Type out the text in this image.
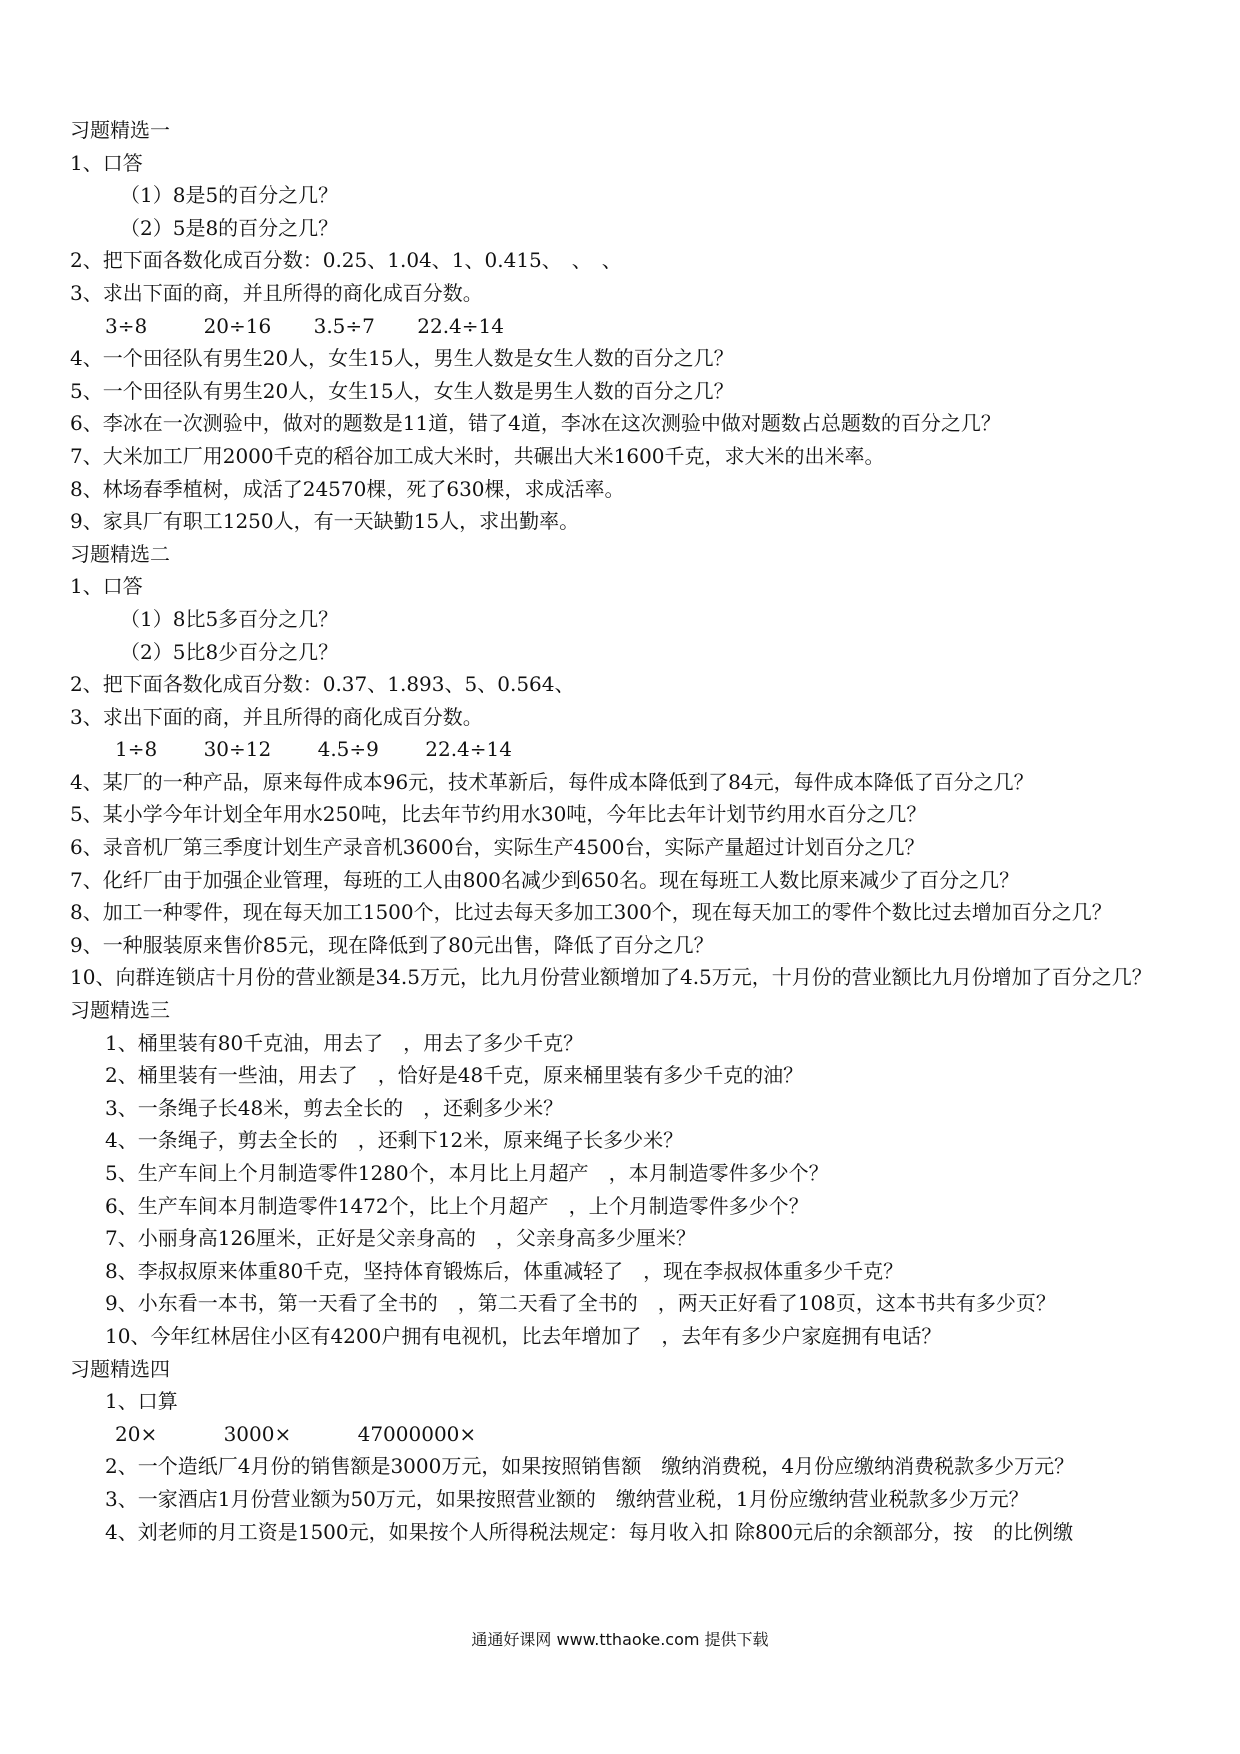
习题精选一
1、口答
（1）8是5的百分之几？
（2）5是8的百分之几？
2、把下面各数化成百分数：0.25、1.04、1、0.415、　、　、
3、求出下面的商，并且所得的商化成百分数。
3÷8	20÷16 3.5÷7 22.4÷14
4、一个田径队有男生20人，女生15人，男生人数是女生人数的百分之几？
5、一个田径队有男生20人，女生15人，女生人数是男生人数的百分之几？
6、李冰在一次测验中，做对的题数是11道，错了4道，李冰在这次测验中做对题数占总题数的百分之几？
7、大米加工厂用2000千克的稻谷加工成大米时，共碾出大米1600千克，求大米的出米率。
8、林场春季植树，成活了24570棵，死了630棵，求成活率。
9、家具厂有职工1250人，有一天缺勤15人，求出勤率。
习题精选二
1、口答
（1）8比5多百分之几？
（2）5比8少百分之几？
2、把下面各数化成百分数：0.37、1.893、5、0.564、
3、求出下面的商，并且所得的商化成百分数。
1÷8 30÷12 4.5÷9 22.4÷14
4、某厂的一种产品，原来每件成本96元，技术革新后，每件成本降低到了84元，每件成本降低了百分之几？
5、某小学今年计划全年用水250吨，比去年节约用水30吨，今年比去年计划节约用水百分之几？
6、录音机厂第三季度计划生产录音机3600台，实际生产4500台，实际产量超过计划百分之几？
7、化纤厂由于加强企业管理，每班的工人由800名减少到650名。现在每班工人数比原来减少了百分之几？
8、加工一种零件，现在每天加工1500个，比过去每天多加工300个，现在每天加工的零件个数比过去增加百分之几？
9、一种服装原来售价85元，现在降低到了80元出售，降低了百分之几？
10、向群连锁店十月份的营业额是34.5万元，比九月份营业额增加了4.5万元，十月份的营业额比九月份增加了百分之几？
习题精选三
1、桶里装有80千克油，用去了　，用去了多少千克？
2、桶里装有一些油，用去了　，恰好是48千克，原来桶里装有多少千克的油？
3、一条绳子长48米，剪去全长的　，还剩多少米？
4、一条绳子，剪去全长的　，还剩下12米，原来绳子长多少米？
5、生产车间上个月制造零件1280个，本月比上月超产　，本月制造零件多少个？
6、生产车间本月制造零件1472个，比上个月超产　，上个月制造零件多少个？
7、小丽身高126厘米，正好是父亲身高的　，父亲身高多少厘米？
8、李叔叔原来体重80千克，坚持体育锻炼后，体重减轻了　，现在李叔叔体重多少千克？
9、小东看一本书，第一天看了全书的　，第二天看了全书的　，两天正好看了108页，这本书共有多少页？
10、今年红林居住小区有4200户拥有电视机，比去年增加了　，去年有多少户家庭拥有电话？
习题精选四
1、口算
20×	3000×	47000000×
2、一个造纸厂4月份的销售额是3000万元，如果按照销售额　缴纳消费税，4月份应缴纳消费税款多少万元？
3、一家酒店1月份营业额为50万元，如果按照营业额的　缴纳营业税，1月份应缴纳营业税款多少万元？
4、刘老师的月工资是1500元，如果按个人所得税法规定：每月收入扣 除800元后的余额部分，按　的比例缴
通通好课网 www.tthaoke.com 提供下载
